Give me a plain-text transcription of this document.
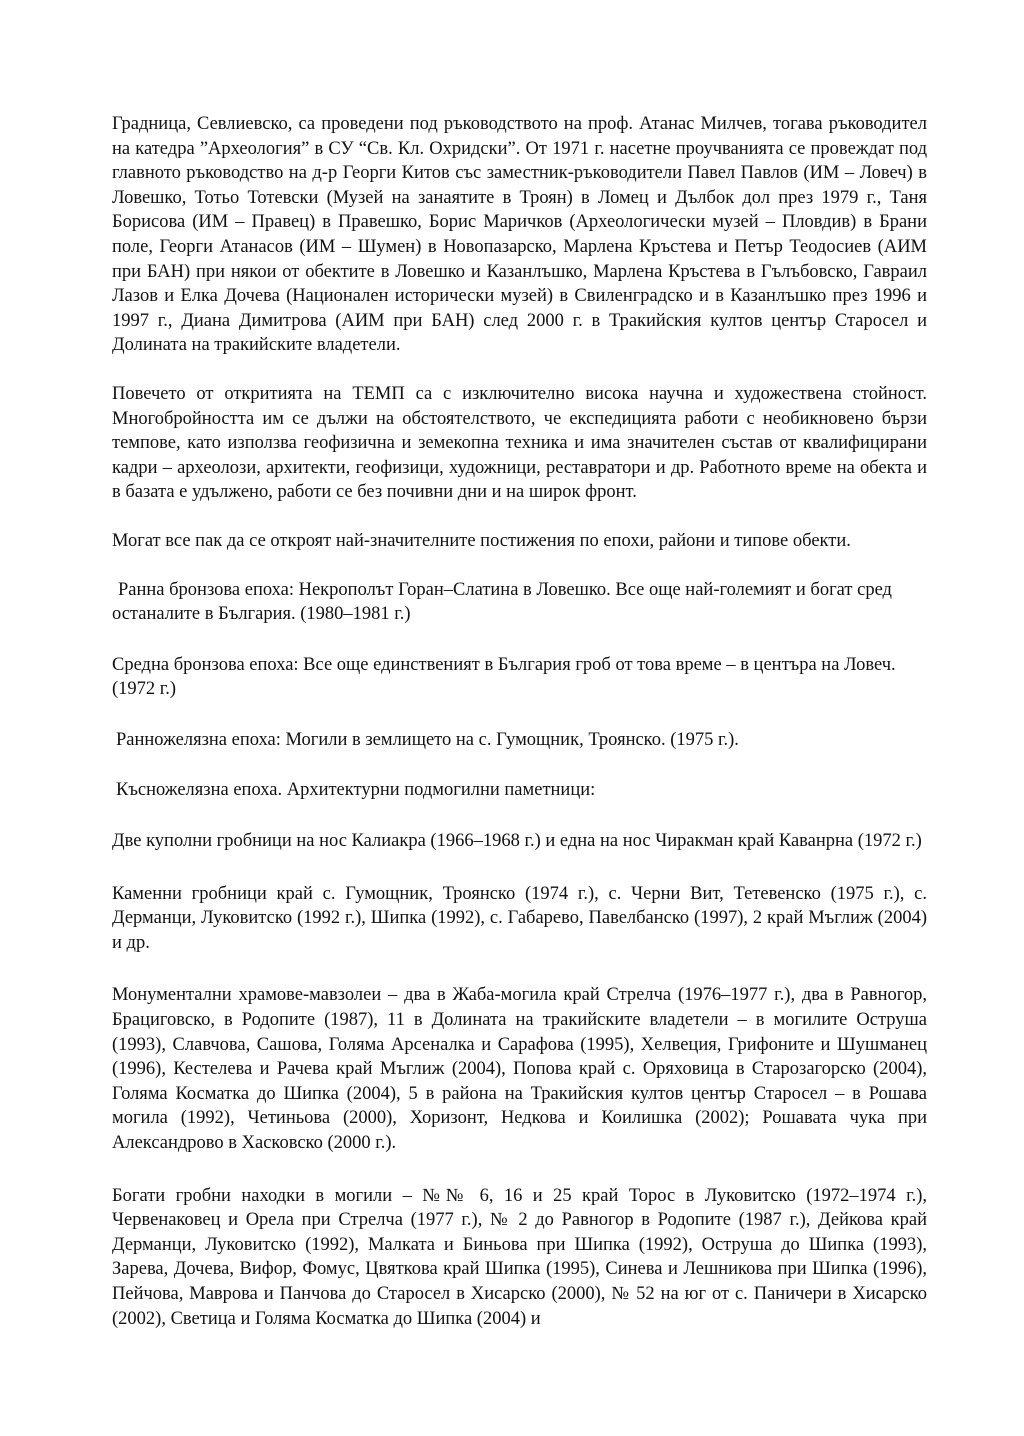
Градница, Севлиевско, са проведени под ръководството на проф. Атанас Милчев, тогава ръководител на катедра ”Археология” в СУ “Св. Кл. Охридски”. От 1971 г. насетне проучванията се провеждат под главното ръководство на д-р Георги Китов със заместник-ръководители Павел Павлов (ИМ – Ловеч) в Ловешко, Тотьо Тотевски (Музей на занаятите в Троян) в Ломец и Дълбок дол през 1979 г., Таня Борисова (ИМ – Правец) в Правешко, Борис Маричков (Археологически музей – Пловдив) в Брани поле, Георги Атанасов (ИМ – Шумен) в Новопазарско, Марлена Кръстева и Петър Теодосиев (АИМ при БАН) при някои от обектите в Ловешко и Казанлъшко, Марлена Кръстева в Гълъбовско, Гавраил Лазов и Елка Дочева (Национален исторически музей) в Свиленградско и в Казанлъшко през 1996 и 1997 г., Диана Димитрова (АИМ при БАН) след 2000 г. в Тракийския култов център Старосел и Долината на тракийските владетели.

Повечето от откритията на ТЕМП са с изключително висока научна и художествена стойност. Многобройността им се дължи на обстоятелството, че експедицията работи с необикновено бързи темпове, като използва геофизична и земекопна техника и има значителен състав от квалифицирани кадри – археолози, архитекти, геофизици, художници, реставратори и др. Работното време на обекта и в базата е удължено, работи се без почивни дни и на широк фронт.

Могат все пак да се откроят най-значителните постижения по епохи, райони и типове обекти.

Ранна бронзова епоха: Некрополът Горан–Слатина в Ловешко. Все още най-големият и богат сред останалите в България. (1980–1981 г.)

Средна бронзова епоха: Все още единственият в България гроб от това време – в центъра на Ловеч. (1972 г.)

Ранножелязна епоха: Могили в землището на с. Гумощник, Троянско. (1975 г.).

Късножелязна епоха. Архитектурни подмогилни паметници:

Две куполни гробници на нос Калиакра (1966–1968 г.) и една на нос Чиракман край Каванрна (1972 г.)

Каменни гробници край с. Гумощник, Троянско (1974 г.), с. Черни Вит, Тетевенско (1975 г.), с. Дерманци, Луковитско (1992 г.), Шипка (1992), с. Габарево, Павелбанско (1997), 2 край Мъглиж (2004) и др.

Монументални храмове-мавзолеи – два в Жаба-могила край Стрелча (1976–1977 г.), два в Равногор, Брациговско, в Родопите (1987), 11 в Долината на тракийските владетели – в могилите Оструша (1993), Славчова, Сашова, Голяма Арсеналка и Сарафова (1995), Хелвеция, Грифоните и Шушманец (1996), Кестелева и Рачева край Мъглиж (2004), Попова край с. Оряховица в Старозагорско (2004), Голяма Косматка до Шипка (2004), 5 в района на Тракийския култов център Старосел – в Рошава могила (1992), Четиньова (2000), Хоризонт, Недкова и Коилишка (2002); Рошавата чука при Александрово в Хасковско (2000 г.).

Богати гробни находки в могили – №№ 6, 16 и 25 край Торос в Луковитско (1972–1974 г.), Червенаковец и Орела при Стрелча (1977 г.), № 2 до Равногор в Родопите (1987 г.), Дейкова край Дерманци, Луковитско (1992), Малката и Биньова при Шипка (1992), Оструша до Шипка (1993), Зарева, Дочева, Вифор, Фомус, Цвяткова край Шипка (1995), Синева и Лешникова при Шипка (1996), Пейчова, Маврова и Панчова до Старосел в Хисарско (2000), № 52 на юг от с. Паничери в Хисарско (2002), Светица и Голяма Косматка до Шипка (2004) и
